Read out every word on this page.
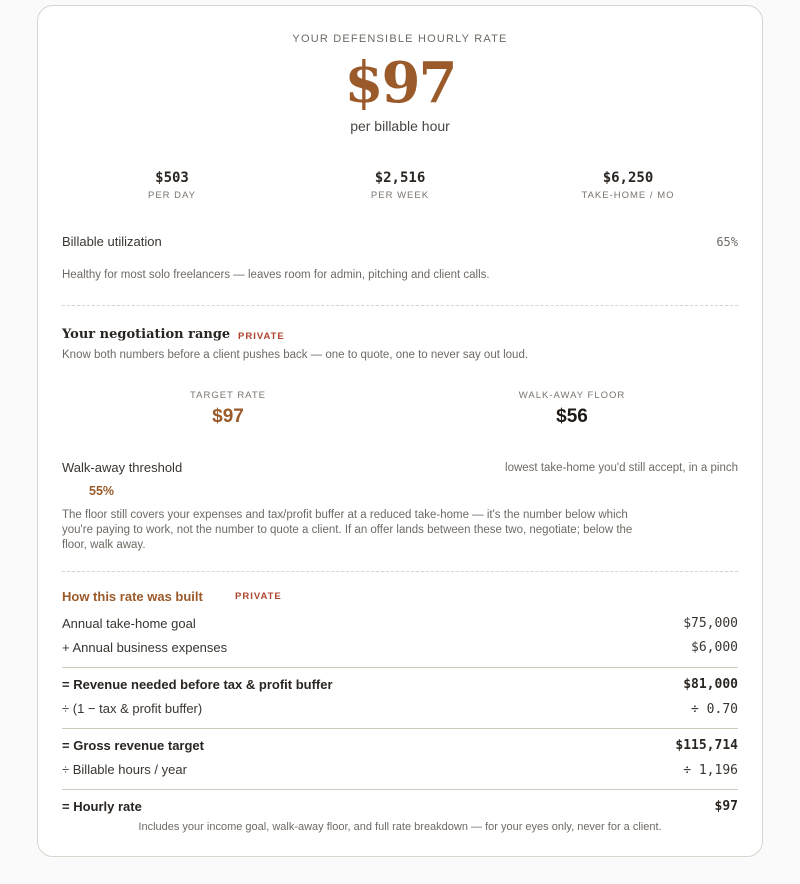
YOUR DEFENSIBLE HOURLY RATE
$97
per billable hour
$503
PER DAY
$2,516
PER WEEK
$6,250
TAKE-HOME / MO
Billable utilization	65%
Healthy for most solo freelancers — leaves room for admin, pitching and client calls.
Your negotiation range PRIVATE
Know both numbers before a client pushes back — one to quote, one to never say out loud.
TARGET RATE
$97
WALK-AWAY FLOOR
$56
Walk-away threshold	lowest take-home you'd still accept, in a pinch
55%
The floor still covers your expenses and tax/profit buffer at a reduced take-home — it's the number below which
you're paying to work, not the number to quote a client. If an offer lands between these two, negotiate; below the
floor, walk away.
How this rate was built	PRIVATE
Annual take-home goal	$75,000
+ Annual business expenses	$6,000
= Revenue needed before tax & profit buffer	$81,000
÷ (1 − tax & profit buffer)	÷ 0.70
= Gross revenue target	$115,714
÷ Billable hours / year	÷ 1,196
= Hourly rate	$97
Includes your income goal, walk-away floor, and full rate breakdown — for your eyes only, never for a client.
